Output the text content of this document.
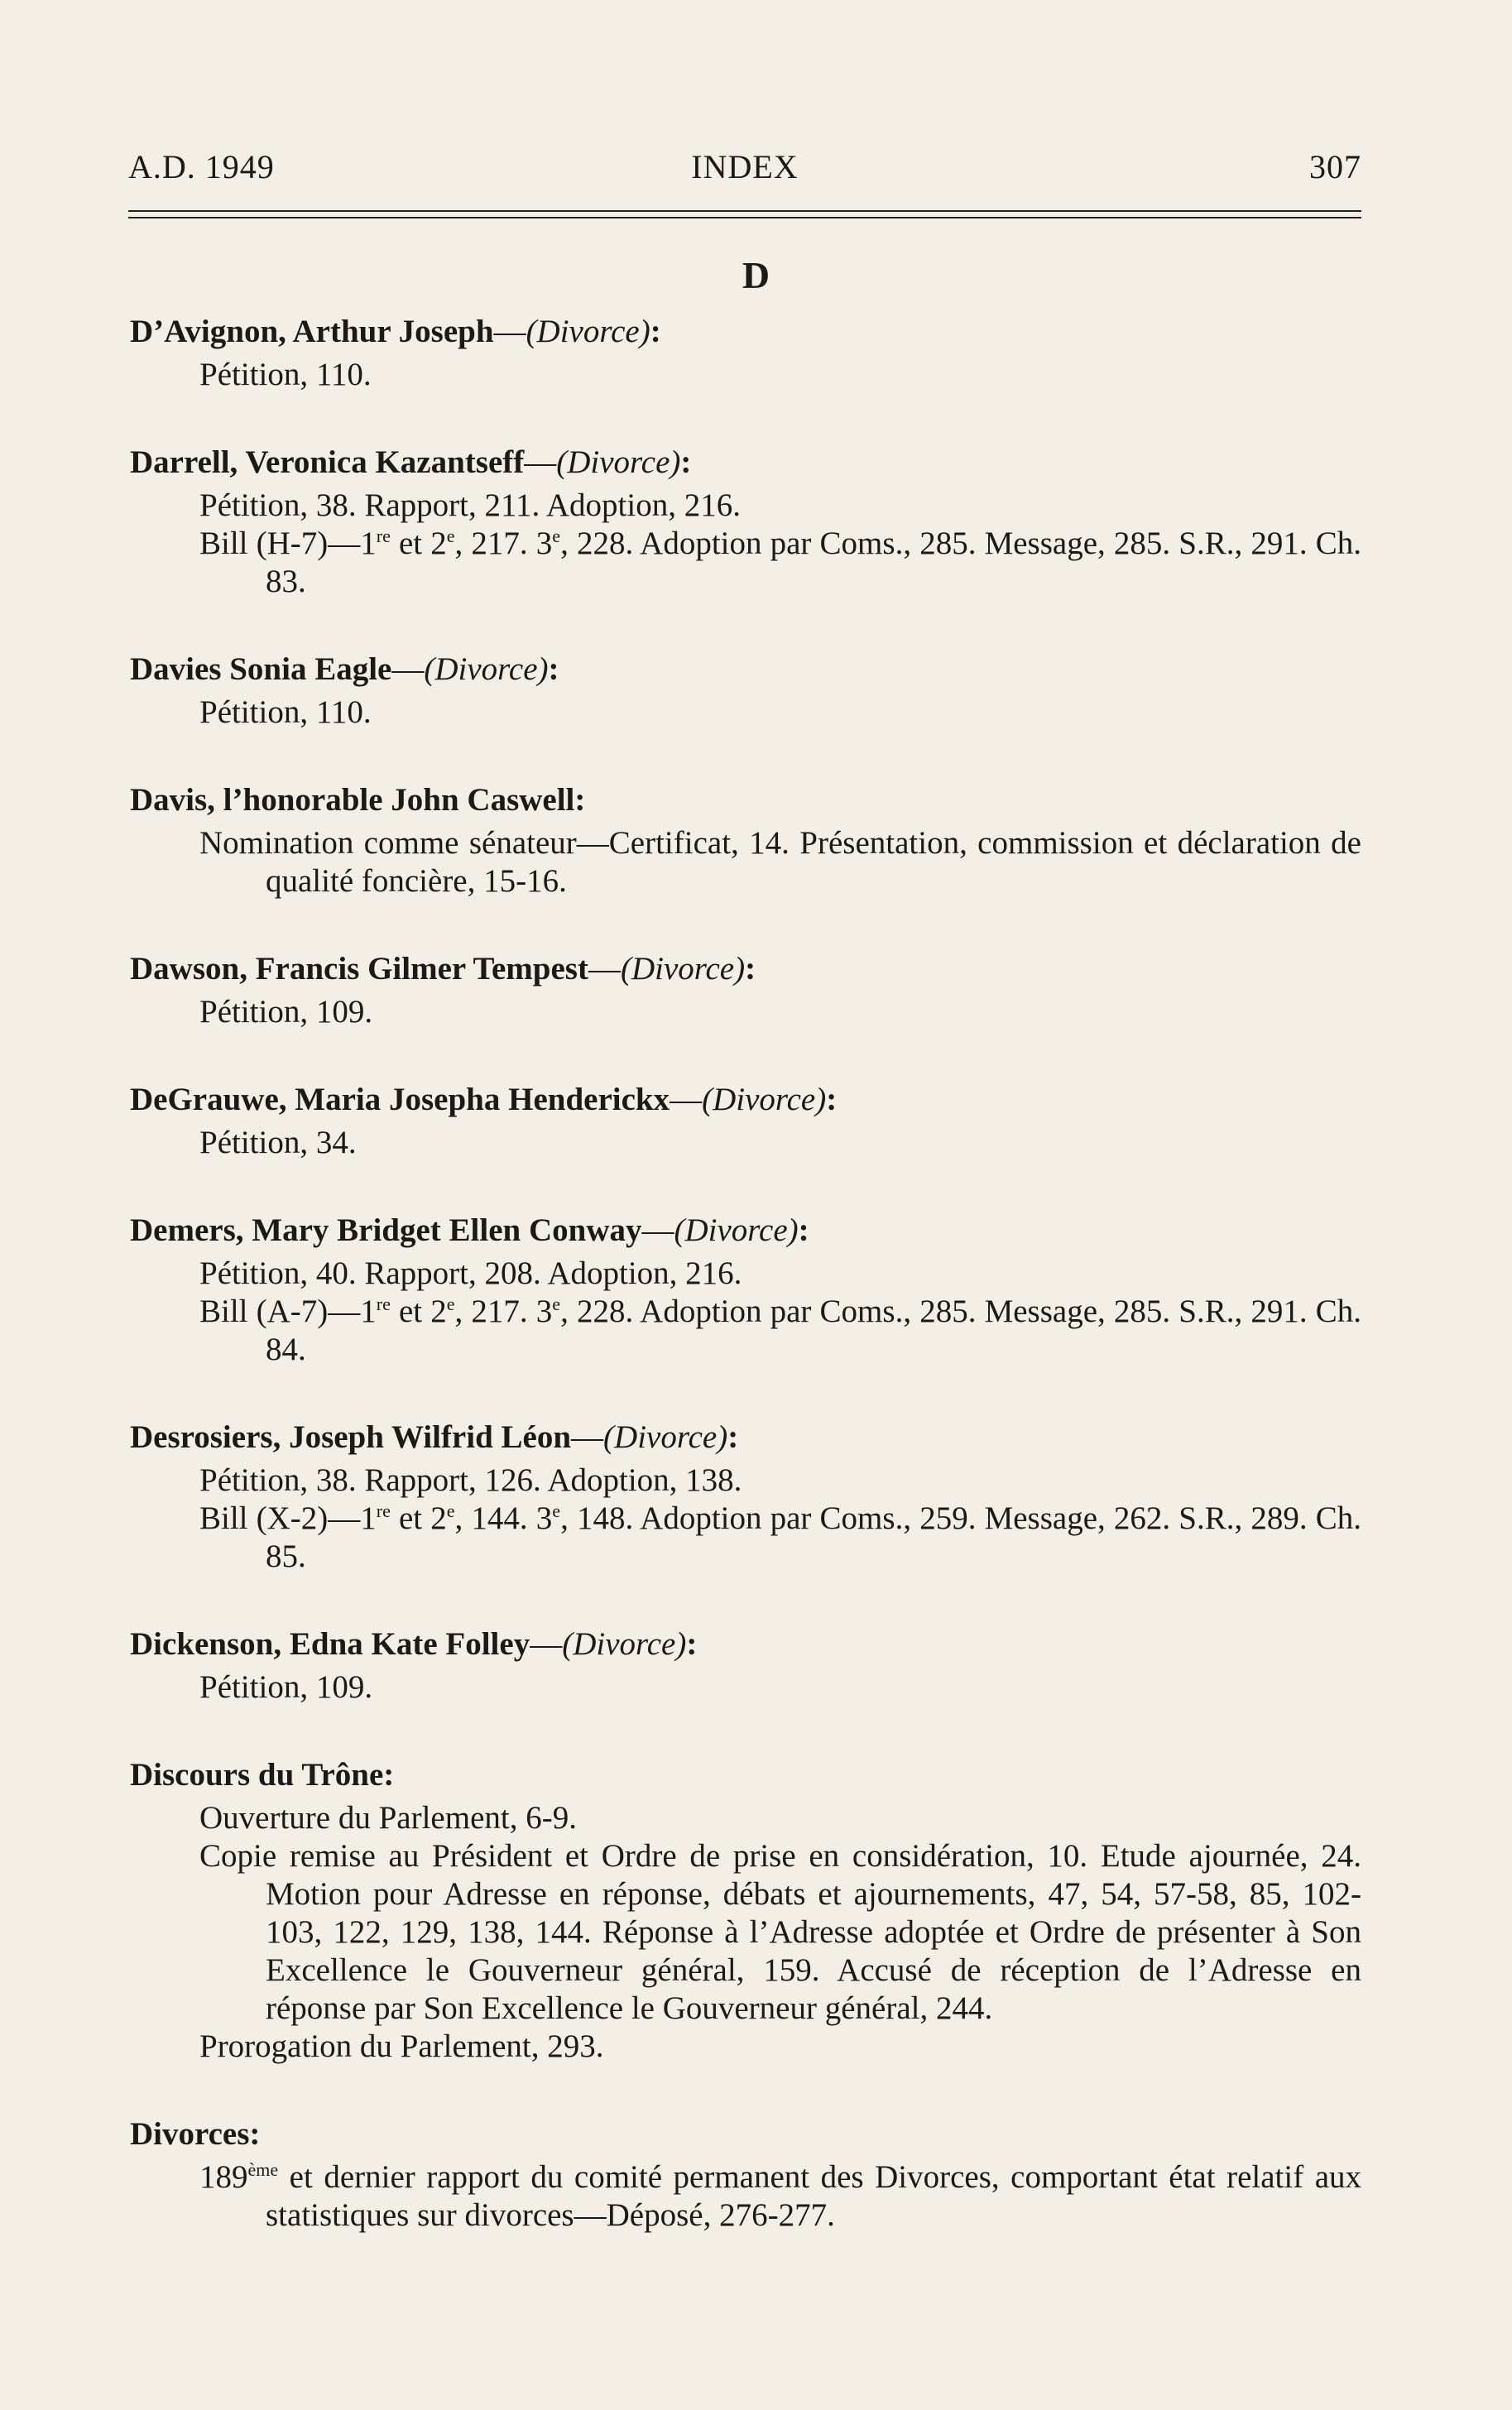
A.D. 1949	INDEX	307
D
D’Avignon, Arthur Joseph—(Divorce):
Pétition, 110.
Darrell, Veronica Kazantseff—(Divorce):
Pétition, 38. Rapport, 211. Adoption, 216.
Bill (H-7)—1re et 2e, 217. 3e, 228. Adoption par Coms., 285. Message, 285. S.R., 291. Ch. 83.
Davies Sonia Eagle—(Divorce):
Pétition, 110.
Davis, l’honorable John Caswell:
Nomination comme sénateur—Certificat, 14. Présentation, commission et déclaration de qualité foncière, 15-16.
Dawson, Francis Gilmer Tempest—(Divorce):
Pétition, 109.
DeGrauwe, Maria Josepha Henderickx—(Divorce):
Pétition, 34.
Demers, Mary Bridget Ellen Conway—(Divorce):
Pétition, 40. Rapport, 208. Adoption, 216.
Bill (A-7)—1re et 2e, 217. 3e, 228. Adoption par Coms., 285. Message, 285. S.R., 291. Ch. 84.
Desrosiers, Joseph Wilfrid Léon—(Divorce):
Pétition, 38. Rapport, 126. Adoption, 138.
Bill (X-2)—1re et 2e, 144. 3e, 148. Adoption par Coms., 259. Message, 262. S.R., 289. Ch. 85.
Dickenson, Edna Kate Folley—(Divorce):
Pétition, 109.
Discours du Trône:
Ouverture du Parlement, 6-9.
Copie remise au Président et Ordre de prise en considération, 10. Etude ajournée, 24. Motion pour Adresse en réponse, débats et ajournements, 47, 54, 57-58, 85, 102-103, 122, 129, 138, 144. Réponse à l’Adresse adoptée et Ordre de présenter à Son Excellence le Gouverneur général, 159. Accusé de réception de l’Adresse en réponse par Son Excellence le Gouverneur général, 244.
Prorogation du Parlement, 293.
Divorces:
189ème et dernier rapport du comité permanent des Divorces, comportant état relatif aux statistiques sur divorces—Déposé, 276-277.
